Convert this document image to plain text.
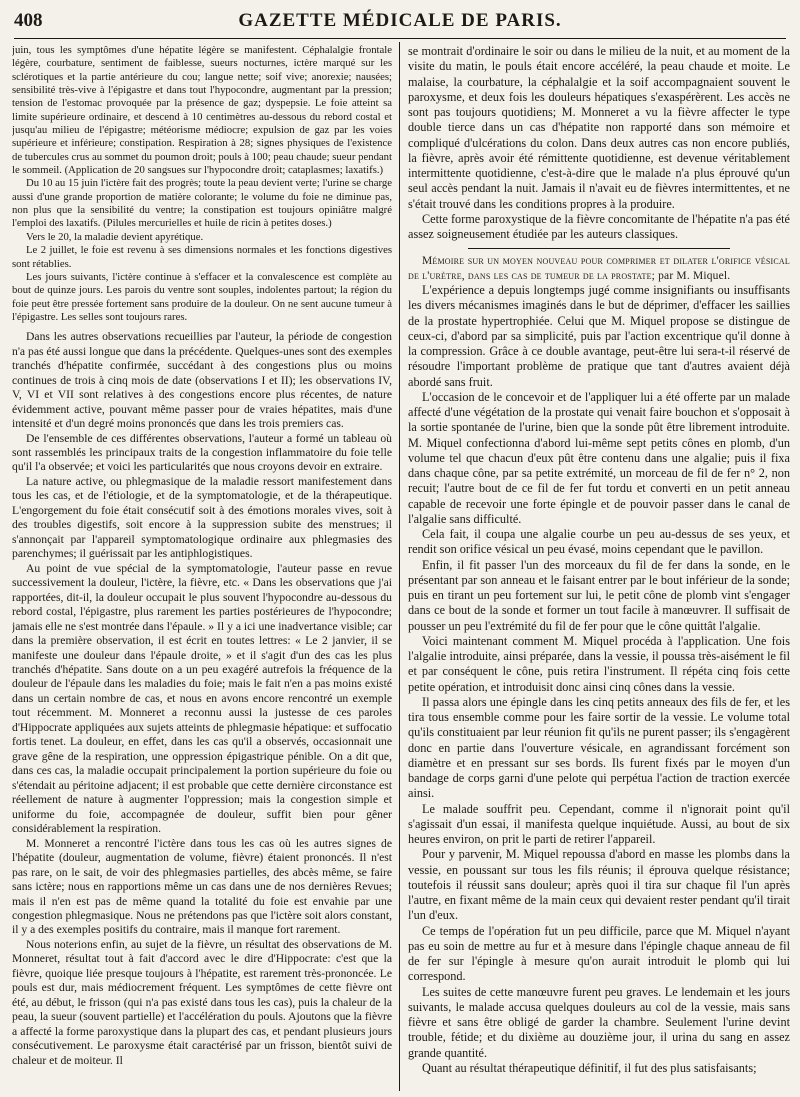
408	GAZETTE MÉDICALE DE PARIS.

juin, tous les symptômes d'une hépatite légère se manifestent. Céphalalgie frontale légère, courbature, sentiment de faiblesse, sueurs nocturnes, ictère marqué sur les sclérotiques et la partie antérieure du cou; langue nette; soif vive; anorexie; nausées; sensibilité très-vive à l'épigastre et dans tout l'hypocondre, augmentant par la pression; tension de l'estomac provoquée par la présence de gaz; dyspepsie. Le foie atteint sa limite supérieure ordinaire, et descend à 10 centimètres au-dessous du rebord costal et jusqu'au milieu de l'épigastre; météorisme médiocre; expulsion de gaz par les voies supérieure et inférieure; constipation. Respiration à 28; signes physiques de l'existence de tubercules crus au sommet du poumon droit; pouls à 100; peau chaude; sueur pendant le sommeil. (Application de 20 sangsues sur l'hypocondre droit; cataplasmes; laxatifs.)

Du 10 au 15 juin l'ictère fait des progrès; toute la peau devient verte; l'urine se charge aussi d'une grande proportion de matière colorante; le volume du foie ne diminue pas, non plus que la sensibilité du ventre; la constipation est toujours opiniâtre malgré l'emploi des laxatifs. (Pilules mercurielles et huile de ricin à petites doses.)

Vers le 20, la maladie devient apyrétique.

Le 2 juillet, le foie est revenu à ses dimensions normales et les fonctions digestives sont rétablies.

Les jours suivants, l'ictère continue à s'effacer et la convalescence est complète au bout de quinze jours. Les parois du ventre sont souples, indolentes partout; la région du foie peut être pressée fortement sans produire de la douleur. On ne sent aucune tumeur à l'épigastre. Les selles sont toujours rares.

Dans les autres observations recueillies par l'auteur, la période de congestion n'a pas été aussi longue que dans la précédente. Quelques-unes sont des exemples tranchés d'hépatite confirmée, succédant à des congestions plus ou moins continues de trois à cinq mois de date (observations I et II); les observations IV, V, VI et VII sont relatives à des congestions encore plus récentes, de nature évidemment active, pouvant même passer pour de vraies hépatites, mais d'une intensité et d'un degré moins prononcés que dans les trois premiers cas.

De l'ensemble de ces différentes observations, l'auteur a formé un tableau où sont rassemblés les principaux traits de la congestion inflammatoire du foie telle qu'il l'a observée; et voici les particularités que nous croyons devoir en extraire.

La nature active, ou phlegmasique de la maladie ressort manifestement dans tous les cas, et de l'étiologie, et de la symptomatologie, et de la thérapeutique. L'engorgement du foie était consécutif soit à des émotions morales vives, soit à des troubles digestifs, soit encore à la suppression subite des menstrues; il s'annonçait par l'appareil symptomatologique ordinaire aux phlegmasies des parenchymes; il guérissait par les antiphlogistiques.

Au point de vue spécial de la symptomatologie, l'auteur passe en revue successivement la douleur, l'ictère, la fièvre, etc. « Dans les observations que j'ai rapportées, dit-il, la douleur occupait le plus souvent l'hypocondre au-dessous du rebord costal, l'épigastre, plus rarement les parties postérieures de l'hypocondre; jamais elle ne s'est montrée dans l'épaule. » Il y a ici une inadvertance visible; car dans la première observation, il est écrit en toutes lettres: « Le 2 janvier, il se manifeste une douleur dans l'épaule droite, » et il s'agit d'un des cas les plus tranchés d'hépatite. Sans doute on a un peu exagéré autrefois la fréquence de la douleur de l'épaule dans les maladies du foie; mais le fait n'en a pas moins existé dans un certain nombre de cas, et nous en avons encore rencontré un exemple tout récemment. M. Monneret a reconnu aussi la justesse de ces paroles d'Hippocrate appliquées aux sujets atteints de phlegmasie hépatique: et suffocatio fortis tenet. La douleur, en effet, dans les cas qu'il a observés, occasionnait une grave gêne de la respiration, une oppression épigastrique pénible. On a dit que, dans ces cas, la maladie occupait principalement la portion supérieure du foie ou s'étendait au péritoine adjacent; il est probable que cette dernière circonstance est réellement de nature à augmenter l'oppression; mais la congestion simple et uniforme du foie, accompagnée de douleur, suffit bien pour gêner considérablement la respiration.

M. Monneret a rencontré l'ictère dans tous les cas où les autres signes de l'hépatite (douleur, augmentation de volume, fièvre) étaient prononcés. Il n'est pas rare, on le sait, de voir des phlegmasies partielles, des abcès même, se faire sans ictère; nous en rapportions même un cas dans une de nos dernières Revues; mais il n'en est pas de même quand la totalité du foie est envahie par une congestion phlegmasique. Nous ne prétendons pas que l'ictère soit alors constant, il y a des exemples positifs du contraire, mais il manque fort rarement.

Nous noterions enfin, au sujet de la fièvre, un résultat des observations de M. Monneret, résultat tout à fait d'accord avec le dire d'Hippocrate: c'est que la fièvre, quoique liée presque toujours à l'hépatite, est rarement très-prononcée. Le pouls est dur, mais médiocrement fréquent. Les symptômes de cette fièvre ont été, au début, le frisson (qui n'a pas existé dans tous les cas), puis la chaleur de la peau, la sueur (souvent partielle) et l'accélération du pouls. Ajoutons que la fièvre a affecté la forme paroxystique dans la plupart des cas, et pendant plusieurs jours consécutivement. Le paroxysme était caractérisé par un frisson, bientôt suivi de chaleur et de moiteur. Il

se montrait d'ordinaire le soir ou dans le milieu de la nuit, et au moment de la visite du matin, le pouls était encore accéléré, la peau chaude et moite. Le malaise, la courbature, la céphalalgie et la soif accompagnaient souvent le paroxysme, et deux fois les douleurs hépatiques s'exaspérèrent. Les accès ne sont pas toujours quotidiens; M. Monneret a vu la fièvre affecter le type double tierce dans un cas d'hépatite non rapporté dans son mémoire et compliqué d'ulcérations du colon. Dans deux autres cas non encore publiés, la fièvre, après avoir été rémittente quotidienne, est devenue véritablement intermittente quotidienne, c'est-à-dire que le malade n'a plus éprouvé qu'un seul accès pendant la nuit. Jamais il n'avait eu de fièvres intermittentes, et ne s'était trouvé dans les conditions propres à la produire.

Cette forme paroxystique de la fièvre concomitante de l'hépatite n'a pas été assez soigneusement étudiée par les auteurs classiques.

Mémoire sur un moyen nouveau pour comprimer et dilater l'orifice vésical de l'urètre, dans les cas de tumeur de la prostate; par M. Miquel.

L'expérience a depuis longtemps jugé comme insignifiants ou insuffisants les divers mécanismes imaginés dans le but de déprimer, d'effacer les saillies de la prostate hypertrophiée. Celui que M. Miquel propose se distingue de ceux-ci, d'abord par sa simplicité, puis par l'action excentrique qu'il donne à la compression. Grâce à ce double avantage, peut-être lui sera-t-il réservé de résoudre l'important problème de pratique que tant d'autres avaient déjà abordé sans fruit.

L'occasion de le concevoir et de l'appliquer lui a été offerte par un malade affecté d'une végétation de la prostate qui venait faire bouchon et s'opposait à la sortie spontanée de l'urine, bien que la sonde pût être librement introduite. M. Miquel confectionna d'abord lui-même sept petits cônes en plomb, d'un volume tel que chacun d'eux pût être contenu dans une algalie; puis il fixa dans chaque cône, par sa petite extrémité, un morceau de fil de fer n° 2, non recuit; l'autre bout de ce fil de fer fut tordu et converti en un petit anneau capable de recevoir une forte épingle et de pouvoir passer dans le canal de l'algalie sans difficulté.

Cela fait, il coupa une algalie courbe un peu au-dessus de ses yeux, et rendit son orifice vésical un peu évasé, moins cependant que le pavillon.

Enfin, il fit passer l'un des morceaux du fil de fer dans la sonde, en le présentant par son anneau et le faisant entrer par le bout inférieur de la sonde; puis en tirant un peu fortement sur lui, le petit cône de plomb vint s'engager dans ce bout de la sonde et former un tout facile à manœuvrer. Il suffisait de pousser un peu l'extrémité du fil de fer pour que le cône quittât l'algalie.

Voici maintenant comment M. Miquel procéda à l'application. Une fois l'algalie introduite, ainsi préparée, dans la vessie, il poussa très-aisément le fil et par conséquent le cône, puis retira l'instrument. Il répéta cinq fois cette petite opération, et introduisit donc ainsi cinq cônes dans la vessie.

Il passa alors une épingle dans les cinq petits anneaux des fils de fer, et les tira tous ensemble comme pour les faire sortir de la vessie. Le volume total qu'ils constituaient par leur réunion fit qu'ils ne purent passer; ils s'engagèrent donc en partie dans l'ouverture vésicale, en agrandissant forcément son diamètre et en pressant sur ses bords. Ils furent fixés par le moyen d'un bandage de corps garni d'une pelote qui perpétua l'action de traction exercée ainsi.

Le malade souffrit peu. Cependant, comme il n'ignorait point qu'il s'agissait d'un essai, il manifesta quelque inquiétude. Aussi, au bout de six heures environ, on prit le parti de retirer l'appareil.

Pour y parvenir, M. Miquel repoussa d'abord en masse les plombs dans la vessie, en poussant sur tous les fils réunis; il éprouva quelque résistance; toutefois il réussit sans douleur; après quoi il tira sur chaque fil l'un après l'autre, en fixant même de la main ceux qui devaient rester pendant qu'il tirait l'un d'eux.

Ce temps de l'opération fut un peu difficile, parce que M. Miquel n'ayant pas eu soin de mettre au fur et à mesure dans l'épingle chaque anneau de fil de fer sur l'épingle à mesure qu'on aurait introduit le plomb qui lui correspond.

Les suites de cette manœuvre furent peu graves. Le lendemain et les jours suivants, le malade accusa quelques douleurs au col de la vessie, mais sans fièvre et sans être obligé de garder la chambre. Seulement l'urine devint trouble, fétide; et du dixième au douzième jour, il urina du sang en assez grande quantité.

Quant au résultat thérapeutique définitif, il fut des plus satisfaisants;
